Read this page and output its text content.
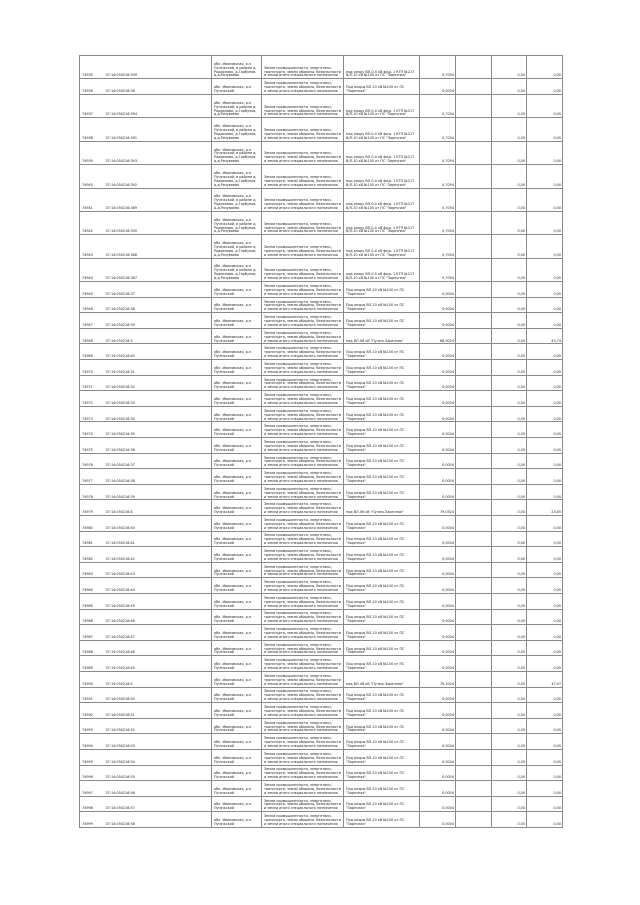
74935	37:14:050216:399	обл. Ивановская, р-н Пучежский, в районе д. Родионово, д.Горбунов, д.д.Разуваево	Земли промышленности, энергетики, транспорта, земли обороны, безопасности и земли иного специального назначения	под опору ВЛ-0.4 кВ фид. 1 КТП №217 В/Л-10 кВ №100 от ПС "Заречная"	0,7054		0,00	0,00

74936	37:14:050216:36	обл. Ивановская, р-н Пучежский	Земли промышленности, энергетики, транспорта, земли обороны, безопасности и земли иного специального назначения	Под опоры ВЛ-10 кВ №100 от ПС "Заречная"	0,0004		0,00	0,00

74937	37:14:050216:394	обл. Ивановская, р-н Пучежский, в районе д. Родионово, д.Горбунов, д.д.Разуваево	Земли промышленности, энергетики, транспорта, земли обороны, безопасности и земли иного специального назначения	под опору ВЛ-0.4 кВ фид. 1 КТП №217 В/Л-10 кВ №100 от ПС "Заречная"	0,7054		0,00	0,00

74938	37:14:050216:391	обл. Ивановская, р-н Пучежский, в районе д. Родионово, д.Горбунов, д.д.Разуваево	Земли промышленности, энергетики, транспорта, земли обороны, безопасности и земли иного специального назначения	под опору ВЛ-0.4 кВ фид. 1 КТП №217 В/Л-10 кВ №100 от ПС "Заречная"	0,7054		0,00	0,00

74939	37:14:050216:393	обл. Ивановская, р-н Пучежский, в районе д. Родионово, д.Горбунов, д.д.Разуваево	Земли промышленности, энергетики, транспорта, земли обороны, безопасности и земли иного специального назначения	под опору ВЛ-0.4 кВ фид. 1 КТП №217 В/Л-10 кВ №100 от ПС "Заречная"	0,7054		0,00	0,00

74940	37:14:050216:392	обл. Ивановская, р-н Пучежский, в районе д. Родионово, д.Горбунов, д.д.Разуваево	Земли промышленности, энергетики, транспорта, земли обороны, безопасности и земли иного специального назначения	под опору ВЛ-0.4 кВ фид. 1 КТП №217 В/Л-10 кВ №100 от ПС "Заречная"	0,7054		0,00	0,00

74941	37:14:050216:389	обл. Ивановская, р-н Пучежский, в районе д. Родионово, д.Горбунов, д.д.Разуваево	Земли промышленности, энергетики, транспорта, земли обороны, безопасности и земли иного специального назначения	под опору ВЛ-0.4 кВ фид. 1 КТП №217 В/Л-10 кВ №100 от ПС "Заречная"	0,7054		0,00	0,00

74942	37:14:050216:390	обл. Ивановская, р-н Пучежский, в районе д. Родионово, д.Горбунов, д.д.Разуваево	Земли промышленности, энергетики, транспорта, земли обороны, безопасности и земли иного специального назначения	под опору ВЛ-0.4 кВ фид. 1 КТП №217 В/Л-10 кВ №100 от ПС "Заречная"	0,7054		0,00	0,00

74943	37:14:050216:388	обл. Ивановская, р-н Пучежский, в районе д. Родионово, д.Горбунов, д.д.Разуваево	Земли промышленности, энергетики, транспорта, земли обороны, безопасности и земли иного специального назначения	под опору ВЛ-0.4 кВ фид. 1 КТП №217 В/Л-10 кВ №100 от ПС "Заречная"	0,7054		0,00	0,00

74944	37:14:050216:387	обл. Ивановская, р-н Пучежский, в районе д. Родионово, д.Горбунов, д.д.Разуваево	Земли промышленности, энергетики, транспорта, земли обороны, безопасности и земли иного специального назначения	под опору ВЛ-0.4 кВ фид. 1 КТП №217 В/Л-10 кВ №100 от ПС "Заречная"	0,7054		0,00	0,00

74945	37:14:050216:37	обл. Ивановская, р-н Пучежский	Земли промышленности, энергетики, транспорта, земли обороны, безопасности и земли иного специального назначения	Под опоры ВЛ-10 кВ №100 от ПС "Заречная"	0,0004		0,00	0,00

74946	37:14:050216:38	обл. Ивановская, р-н Пучежский	Земли промышленности, энергетики, транспорта, земли обороны, безопасности и земли иного специального назначения	Под опоры ВЛ-10 кВ №100 от ПС "Заречная"	0,0004		0,00	0,00

74947	37:14:050216:39	обл. Ивановская, р-н Пучежский	Земли промышленности, энергетики, транспорта, земли обороны, безопасности и земли иного специального назначения	Под опоры ВЛ-10 кВ №100 от ПС "Заречная"	0,0004		0,00	0,00

74948	37:14:050216:3	обл. Ивановская, р-н Пучежский	Земли промышленности, энергетики, транспорта, земли обороны, безопасности и земли иного специального назначения	под ВЛ-06 кВ "Пучеж-Заречная"	88,9024		0,00	43,74

74969	37:14:050216:40	обл. Ивановская, р-н Пучежский	Земли промышленности, энергетики, транспорта, земли обороны, безопасности и земли иного специального назначения	Под опоры ВЛ-10 кВ №100 от ПС "Заречная"	0,0004		0,00	0,00

74970	37:14:050216:31	обл. Ивановская, р-н Пучежский	Земли промышленности, энергетики, транспорта, земли обороны, безопасности и земли иного специального назначения	Под опоры ВЛ-10 кВ №100 от ПС "Заречная"	0,0004		0,00	0,00

74971	37:14:050216:32	обл. Ивановская, р-н Пучежский	Земли промышленности, энергетики, транспорта, земли обороны, безопасности и земли иного специального назначения	Под опоры ВЛ-10 кВ №100 от ПС "Заречная"	0,0004		0,00	0,00

74972	37:14:050216:33	обл. Ивановская, р-н Пучежский	Земли промышленности, энергетики, транспорта, земли обороны, безопасности и земли иного специального назначения	Под опоры ВЛ-10 кВ №100 от ПС "Заречная"	0,0004		0,00	0,00

74973	37:14:050216:34	обл. Ивановская, р-н Пучежский	Земли промышленности, энергетики, транспорта, земли обороны, безопасности и земли иного специального назначения	Под опоры ВЛ-10 кВ №100 от ПС "Заречная"	0,0004		0,00	0,00

74974	37:14:050216:35	обл. Ивановская, р-н Пучежский	Земли промышленности, энергетики, транспорта, земли обороны, безопасности и земли иного специального назначения	Под опоры ВЛ-10 кВ №100 от ПС "Заречная"	0,0004		0,00	0,00

74975	37:14:050216:36	обл. Ивановская, р-н Пучежский	Земли промышленности, энергетики, транспорта, земли обороны, безопасности и земли иного специального назначения	Под опоры ВЛ-10 кВ №100 от ПС "Заречная"	0,0004		0,00	0,00

74976	37:14:050216:37	обл. Ивановская, р-н Пучежский	Земли промышленности, энергетики, транспорта, земли обороны, безопасности и земли иного специального назначения	Под опоры ВЛ-10 кВ №100 от ПС "Заречная"	0,0004		0,00	0,00

74977	37:14:050216:38	обл. Ивановская, р-н Пучежский	Земли промышленности, энергетики, транспорта, земли обороны, безопасности и земли иного специального назначения	Под опоры ВЛ-10 кВ №100 от ПС "Заречная"	0,0004		0,00	0,00

74978	37:14:050216:39	обл. Ивановская, р-н Пучежский	Земли промышленности, энергетики, транспорта, земли обороны, безопасности и земли иного специального назначения	Под опоры ВЛ-10 кВ №100 от ПС "Заречная"	0,0004		0,00	0,00

74979	37:14:050216:4	обл. Ивановская, р-н Пучежский	Земли промышленности, энергетики, транспорта, земли обороны, безопасности и земли иного специального назначения	под ВЛ-06 кВ "Пучеж-Заречная"	79,0324		0,00	23,65

74980	37:14:050216:40	обл. Ивановская, р-н Пучежский	Земли промышленности, энергетики, транспорта, земли обороны, безопасности и земли иного специального назначения	Под опоры ВЛ-10 кВ №100 от ПС "Заречная"	0,0004		0,00	0,00

74981	37:14:050216:41	обл. Ивановская, р-н Пучежский	Земли промышленности, энергетики, транспорта, земли обороны, безопасности и земли иного специального назначения	Под опоры ВЛ-10 кВ №100 от ПС "Заречная"	0,0004		0,00	0,00

74982	37:14:050216:42	обл. Ивановская, р-н Пучежский	Земли промышленности, энергетики, транспорта, земли обороны, безопасности и земли иного специального назначения	Под опоры ВЛ-10 кВ №100 от ПС "Заречная"	0,0004		0,00	0,00

74983	37:14:050216:43	обл. Ивановская, р-н Пучежский	Земли промышленности, энергетики, транспорта, земли обороны, безопасности и земли иного специального назначения	Под опоры ВЛ-10 кВ №100 от ПС "Заречная"	0,0004		0,00	0,00

74984	37:14:050216:44	обл. Ивановская, р-н Пучежский	Земли промышленности, энергетики, транспорта, земли обороны, безопасности и земли иного специального назначения	Под опоры ВЛ-10 кВ №100 от ПС "Заречная"	0,0004		0,00	0,00

74985	37:14:050216:45	обл. Ивановская, р-н Пучежский	Земли промышленности, энергетики, транспорта, земли обороны, безопасности и земли иного специального назначения	Под опоры ВЛ-10 кВ №100 от ПС "Заречная"	0,0004		0,00	0,00

74986	37:14:050216:46	обл. Ивановская, р-н Пучежский	Земли промышленности, энергетики, транспорта, земли обороны, безопасности и земли иного специального назначения	Под опоры ВЛ-10 кВ №100 от ПС "Заречная"	0,0004		0,00	0,00

74987	37:14:050216:47	обл. Ивановская, р-н Пучежский	Земли промышленности, энергетики, транспорта, земли обороны, безопасности и земли иного специального назначения	Под опоры ВЛ-10 кВ №100 от ПС "Заречная"	0,0004		0,00	0,00

74988	37:14:050216:48	обл. Ивановская, р-н Пучежский	Земли промышленности, энергетики, транспорта, земли обороны, безопасности и земли иного специального назначения	Под опоры ВЛ-10 кВ №100 от ПС "Заречная"	0,0004		0,00	0,00

74989	37:14:050216:49	обл. Ивановская, р-н Пучежский	Земли промышленности, энергетики, транспорта, земли обороны, безопасности и земли иного специального назначения	Под опоры ВЛ-10 кВ №100 от ПС "Заречная"	0,0004		0,00	0,00

74990	37:14:050216:5	обл. Ивановская, р-н Пучежский	Земли промышленности, энергетики, транспорта, земли обороны, безопасности и земли иного специального назначения	под ВЛ-06 кВ "Пучеж-Заречная"	79,1024		0,00	37,97

74991	37:14:050216:50	обл. Ивановская, р-н Пучежский	Земли промышленности, энергетики, транспорта, земли обороны, безопасности и земли иного специального назначения	Под опоры ВЛ-10 кВ №100 от ПС "Заречная"	0,0004		0,00	0,00

74992	37:14:050216:51	обл. Ивановская, р-н Пучежский	Земли промышленности, энергетики, транспорта, земли обороны, безопасности и земли иного специального назначения	Под опоры ВЛ-10 кВ №100 от ПС "Заречная"	0,0004		0,00	0,00

74993	37:14:050216:52	обл. Ивановская, р-н Пучежский	Земли промышленности, энергетики, транспорта, земли обороны, безопасности и земли иного специального назначения	Под опоры ВЛ-10 кВ №100 от ПС "Заречная"	0,0004		0,00	0,00

74994	37:14:050216:53	обл. Ивановская, р-н Пучежский	Земли промышленности, энергетики, транспорта, земли обороны, безопасности и земли иного специального назначения	Под опоры ВЛ-10 кВ №100 от ПС "Заречная"	0,0004		0,00	0,00

74995	37:14:050216:54	обл. Ивановская, р-н Пучежский	Земли промышленности, энергетики, транспорта, земли обороны, безопасности и земли иного специального назначения	Под опоры ВЛ-10 кВ №100 от ПС "Заречная"	0,0004		0,00	0,00

74996	37:14:050216:55	обл. Ивановская, р-н Пучежский	Земли промышленности, энергетики, транспорта, земли обороны, безопасности и земли иного специального назначения	Под опоры ВЛ-10 кВ №100 от ПС "Заречная"	0,0004		0,00	0,00

74997	37:14:050216:56	обл. Ивановская, р-н Пучежский	Земли промышленности, энергетики, транспорта, земли обороны, безопасности и земли иного специального назначения	Под опоры ВЛ-10 кВ №100 от ПС "Заречная"	0,0004		0,00	0,00

74998	37:14:050216:57	обл. Ивановская, р-н Пучежский	Земли промышленности, энергетики, транспорта, земли обороны, безопасности и земли иного специального назначения	Под опоры ВЛ-10 кВ №100 от ПС "Заречная"	0,0004		0,00	0,00

74999	37:14:050216:58	обл. Ивановская, р-н Пучежский	Земли промышленности, энергетики, транспорта, земли обороны, безопасности и земли иного специального назначения	Под опоры ВЛ-10 кВ №100 от ПС "Заречная"	0,0004		0,00	0,00
